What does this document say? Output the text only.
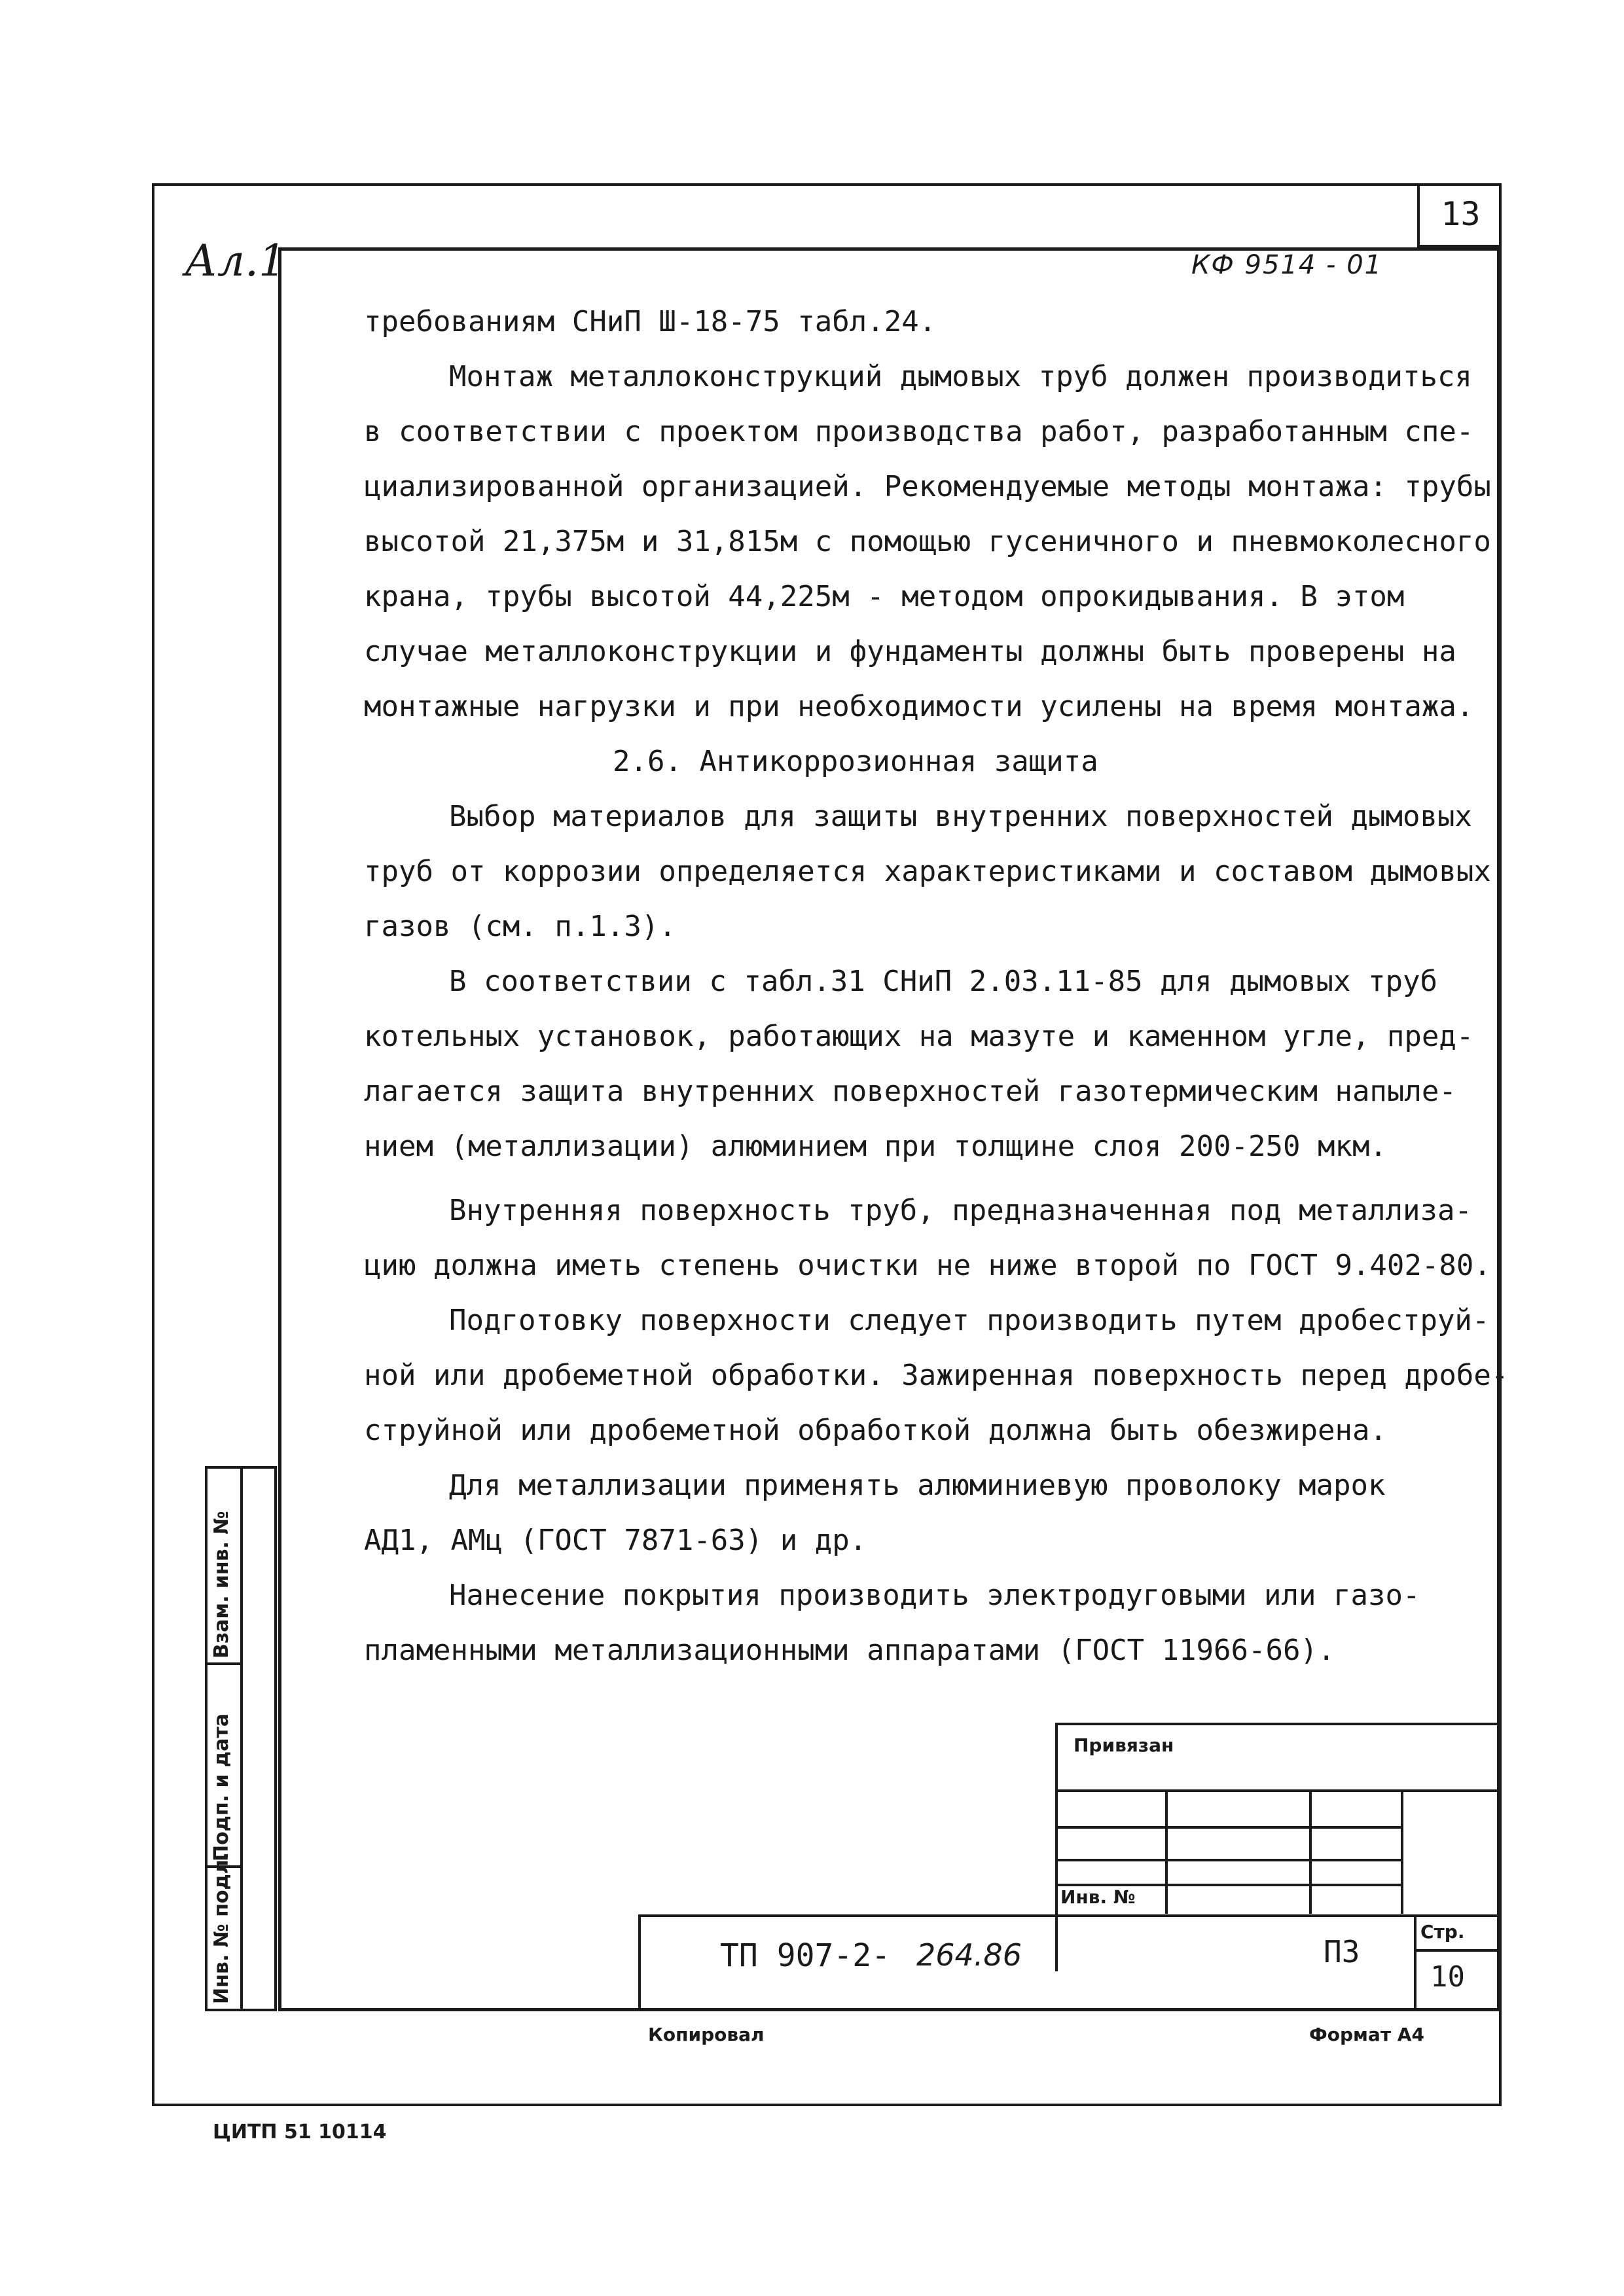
13
Ал.1	КФ 9514 - 01

требованиям СНиП Ш-18-75 табл.24.

Монтаж металлоконструкций дымовых труб должен производиться

в соответствии с проектом производства работ, разработанным спе-

циализированной организацией. Рекомендуемые методы монтажа: трубы

высотой 21,375м и 31,815м с помощью гусеничного и пневмоколесного

крана, трубы высотой 44,225м - методом опрокидывания. В этом

случае металлоконструкции и фундаменты должны быть проверены на

монтажные нагрузки и при необходимости усилены на время монтажа.

2.6. Антикоррозионная защита

Выбор материалов для защиты внутренних поверхностей дымовых

труб от коррозии определяется характеристиками и составом дымовых

газов (см. п.1.3).

В соответствии с табл.31 СНиП 2.03.11-85 для дымовых труб

котельных установок, работающих на мазуте и каменном угле, пред-

лагается защита внутренних поверхностей газотермическим напыле-

нием (металлизации) алюминием при толщине слоя 200-250 мкм.

Внутренняя поверхность труб, предназначенная под металлиза-

цию должна иметь степень очистки не ниже второй по ГОСТ 9.402-80.

Подготовку поверхности следует производить путем дробеструй-

ной или дробеметной обработки. Зажиренная поверхность перед дробе-

струйной или дробеметной обработкой должна быть обезжирена.

Для металлизации применять алюминиевую проволоку марок

АД1, АМц (ГОСТ 7871-63) и др.

Нанесение покрытия производить электродуговыми или газо-

пламенными металлизационными аппаратами (ГОСТ 11966-66).

Взам. инв. №
Подп. и дата
Инв. № подл.
Привязан
Инв. №
ТП 907-2- 264.86	ПЗ
Стр.
10
Копировал	Формат А4
ЦИТП 51 10114
